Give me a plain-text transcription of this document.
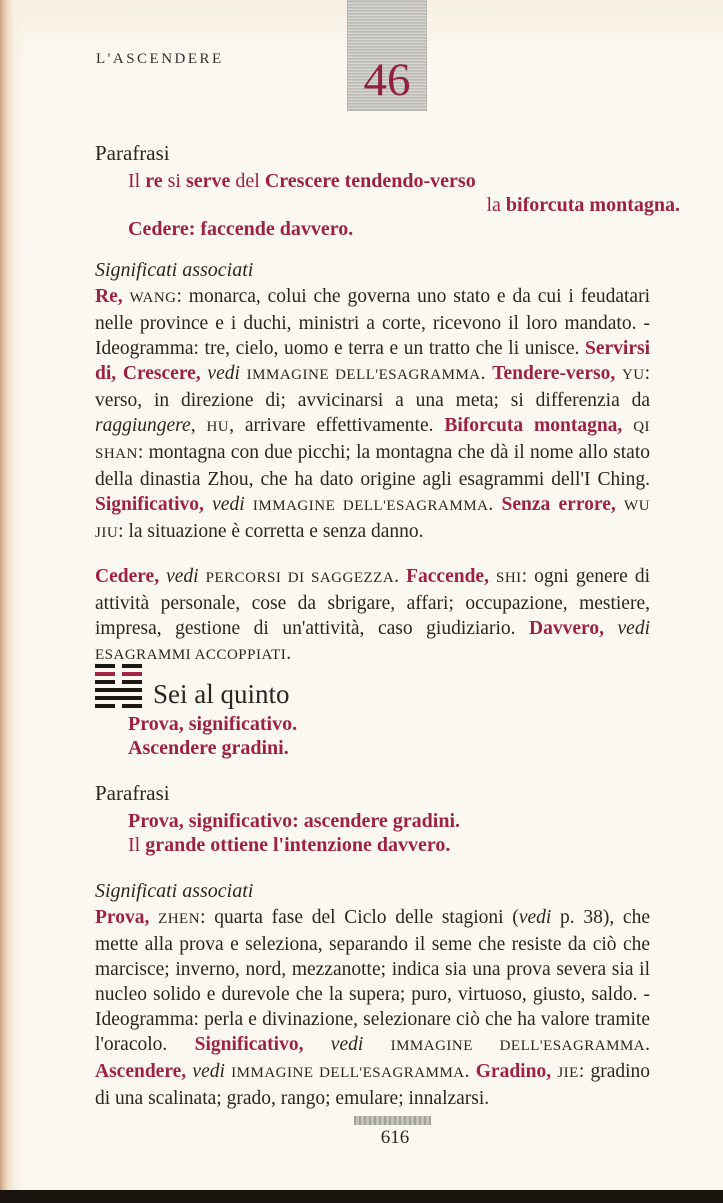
L'ASCENDERE	46
Parafrasi
Il re si serve del Crescere tendendo-verso
la biforcuta montagna.
Cedere: faccende davvero.
Significati associati

Re, WANG: monarca, colui che governa uno stato e da cui i feudatari nelle province e i duchi, ministri a corte, ricevono il loro mandato. - Ideogramma: tre, cielo, uomo e terra e un tratto che li unisce. Servirsi di, Crescere, vedi IMMAGINE DELL'ESAGRAMMA. Tendere-verso, YU: verso, in direzione di; avvicinarsi a una meta; si differenzia da raggiungere, HU, arrivare effettivamente. Biforcuta montagna, QI SHAN: montagna con due picchi; la montagna che dà il nome allo stato della dinastia Zhou, che ha dato origine agli esagrammi dell'I Ching. Significativo, vedi IMMAGINE DELL'ESAGRAMMA. Senza errore, WU JIU: la situazione è corretta e senza danno.

Cedere, vedi PERCORSI DI SAGGEZZA. Faccende, SHI: ogni genere di attività personale, cose da sbrigare, affari; occupazione, mestiere, impresa, gestione di un'attività, caso giudiziario. Davvero, vedi ESAGRAMMI ACCOPPIATI.

Sei al quinto
Prova, significativo.
Ascendere gradini.
Parafrasi
Prova, significativo: ascendere gradini.
Il grande ottiene l'intenzione davvero.
Significati associati

Prova, ZHEN: quarta fase del Ciclo delle stagioni (vedi p. 38), che mette alla prova e seleziona, separando il seme che resiste da ciò che marcisce; inverno, nord, mezzanotte; indica sia una prova severa sia il nucleo solido e durevole che la supera; puro, virtuoso, giusto, saldo. - Ideogramma: perla e divinazione, selezionare ciò che ha valore tramite l'oracolo. Significativo, vedi IMMAGINE DELL'ESAGRAMMA. Ascendere, vedi IMMAGINE DELL'ESAGRAMMA. Gradino, JIE: gradino di una scalinata; grado, rango; emulare; innalzarsi.

616
